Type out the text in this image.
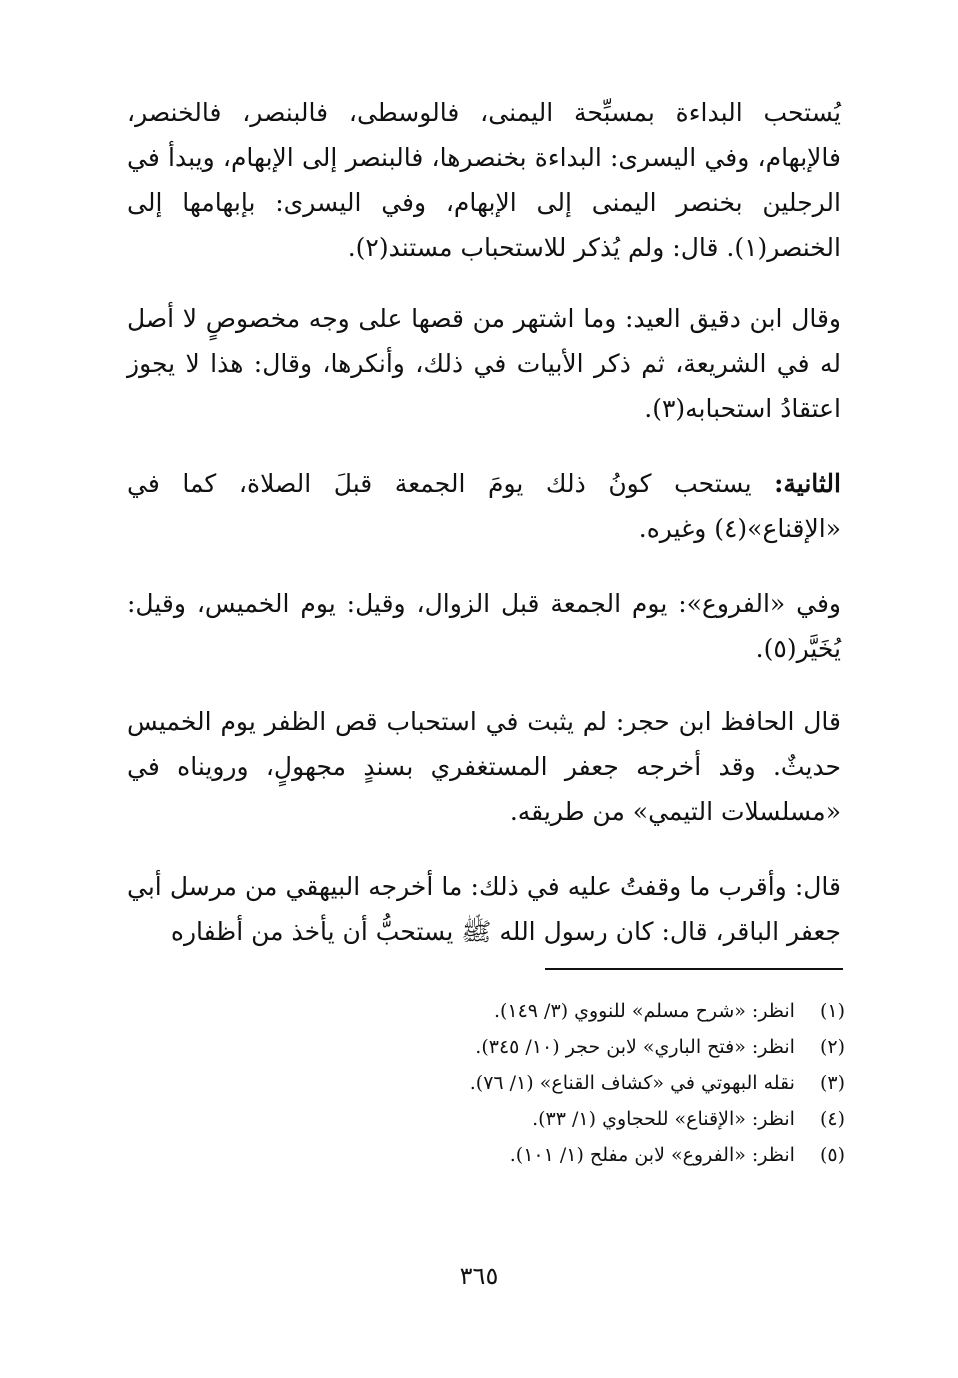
يُستحب البداءة بمسبِّحة اليمنى، فالوسطى، فالبنصر، فالخنصر، فالإبهام، وفي اليسرى: البداءة بخنصرها، فالبنصر إلى الإبهام، ويبدأ في الرجلين بخنصر اليمنى إلى الإبهام، وفي اليسرى: بإبهامها إلى الخنصر(١). قال: ولم يُذكر للاستحباب مستند(٢).

وقال ابن دقيق العيد: وما اشتهر من قصها على وجه مخصوصٍ لا أصل له في الشريعة، ثم ذكر الأبيات في ذلك، وأنكرها، وقال: هذا لا يجوز اعتقادُ استحبابه(٣).

الثانية: يستحب كونُ ذلك يومَ الجمعة قبلَ الصلاة، كما في «الإقناع»(٤) وغيره.

وفي «الفروع»: يوم الجمعة قبل الزوال، وقيل: يوم الخميس، وقيل: يُخَيَّر(٥).

قال الحافظ ابن حجر: لم يثبت في استحباب قص الظفر يوم الخميس حديثٌ. وقد أخرجه جعفر المستغفري بسندٍ مجهولٍ، ورويناه في «مسلسلات التيمي» من طريقه.

قال: وأقرب ما وقفتُ عليه في ذلك: ما أخرجه البيهقي من مرسل أبي جعفر الباقر، قال: كان رسول الله ﷺ يستحبُّ أن يأخذ من أظفاره

(١) انظر: «شرح مسلم» للنووي (٣/ ١٤٩).
(٢) انظر: «فتح الباري» لابن حجر (١٠/ ٣٤٥).
(٣) نقله البهوتي في «كشاف القناع» (١/ ٧٦).
(٤) انظر: «الإقناع» للحجاوي (١/ ٣٣).
(٥) انظر: «الفروع» لابن مفلح (١/ ١٠١).
٣٦٥
